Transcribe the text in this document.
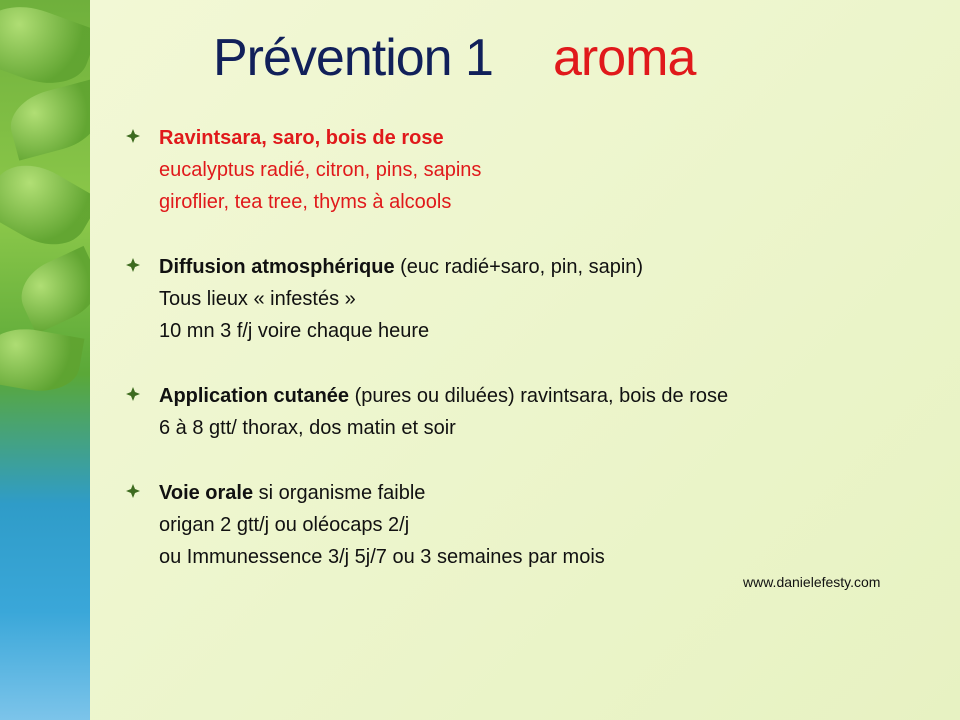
Prévention 1 aroma
Ravintsara, saro, bois de rose
eucalyptus radié, citron, pins, sapins
giroflier, tea tree, thyms à alcools
Diffusion atmosphérique (euc radié+saro, pin, sapin)
Tous lieux « infestés »
10 mn 3 f/j voire chaque heure
Application cutanée (pures ou diluées) ravintsara, bois de rose
6 à 8 gtt/ thorax, dos matin et soir
Voie orale si organisme faible
origan 2 gtt/j ou oléocaps 2/j
ou Immunessence 3/j 5j/7 ou 3 semaines par mois
www.danielefesty.com
